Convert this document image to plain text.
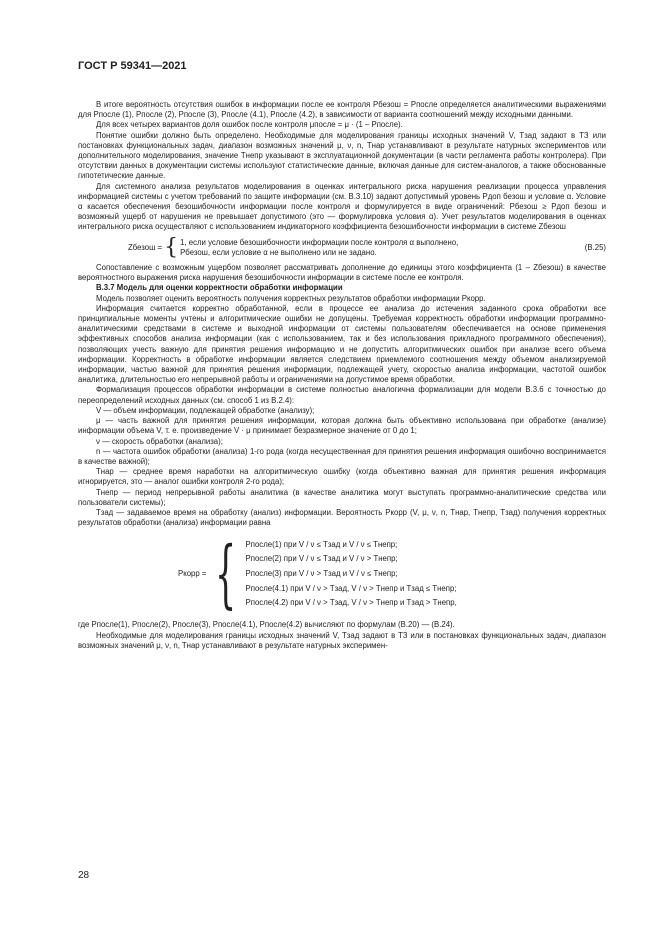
ГОСТ Р 59341—2021

В итоге вероятность отсутствия ошибок в информации после ее контроля Pбезош = Pпосле определяется аналитическими выражениями для Pпосле (1), Pпосле (2), Pпосле (3), Pпосле (4.1), Pпосле (4.2), в зависимости от варианта соотношений между исходными данными.

Для всех четырех вариантов доля ошибок после контроля μпосле = μ · (1 – Pпосле).

Понятие ошибки должно быть определено. Необходимые для моделирования границы исходных значений V, Tзад задают в ТЗ или постановках функциональных задач, диапазон возможных значений μ, ν, n, Tнар устанавливают в результате натурных экспериментов или дополнительного моделирования, значение Tнепр указывают в эксплуатационной документации (в части регламента работы контролера). При отсутствии данных в документации системы используют статистические данные, включая данные для систем-аналогов, а также обоснованные гипотетические данные.

Для системного анализа результатов моделирования в оценках интегрального риска нарушения реализации процесса управления информацией системы с учетом требований по защите информации (см. В.3.10) задают допустимый уровень Pдоп безош и условие α. Условие α касается обеспечения безошибочности информации после контроля и формулируется в виде ограничений: Pбезош ≥ Pдоп безош и возможный ущерб от нарушения не превышает допустимого (это — формулировка условия α). Учет результатов моделирования в оценках интегрального риска осуществляют с использованием индикаторного коэффициента безошибочности информации в системе Zбезош

Zбезош = { 1, если условие безошибочности информации после контроля α выполнено,
Pбезош, если условие α не выполнено или не задано.
(В.25)

Сопоставление с возможным ущербом позволяет рассматривать дополнение до единицы этого коэффициента (1 – Zбезош) в качестве вероятностного выражения риска нарушения безошибочности информации в системе после ее контроля.

В.3.7 Модель для оценки корректности обработки информации

Модель позволяет оценить вероятность получения корректных результатов обработки информации Pкорр.

Информация считается корректно обработанной, если в процессе ее анализа до истечения заданного срока обработки все принципиальные моменты учтены и алгоритмические ошибки не допущены. Требуемая корректность обработки информации программно-аналитическими средствами в системе и выходной информации от системы пользователям обеспечивается на основе применения эффективных способов анализа информации (как с использованием, так и без использования прикладного программного обеспечения), позволяющих учесть важную для принятия решения информацию и не допустить алгоритмических ошибок при анализе всего объема информации. Корректность в обработке информации является следствием приемлемого соотношения между объемом анализируемой информации, частью важной для принятия решения информации, подлежащей учету, скоростью анализа информации, частотой ошибок аналитика, длительностью его непрерывной работы и ограничениями на допустимое время обработки.

Формализация процессов обработки информации в системе полностью аналогична формализации для модели В.3.6 с точностью до переопределений исходных данных (см. способ 1 из В.2.4):

V — объем информации, подлежащей обработке (анализу);

μ — часть важной для принятия решения информации, которая должна быть объективно использована при обработке (анализе) информации объема V, т. е. произведение V · μ принимает безразмерное значение от 0 до 1;

ν — скорость обработки (анализа);

n — частота ошибок обработки (анализа) 1-го рода (когда несущественная для принятия решения информация ошибочно воспринимается в качестве важной);

Tнар — среднее время наработки на алгоритмическую ошибку (когда объективно важная для принятия решения информация игнорируется, это — аналог ошибки контроля 2-го рода);

Tнепр — период непрерывной работы аналитика (в качестве аналитика могут выступать программно-аналитические средства или пользователи системы);

Tзад — задаваемое время на обработку (анализ) информации. Вероятность Pкорр (V, μ, ν, n, Tнар, Tнепр, Tзад) получения корректных результатов обработки (анализа) информации равна

Pкорр = { Pпосле(1) при V / ν ≤ Tзад и V / ν ≤ Tнепр;
Pпосле(2) при V / ν ≤ Tзад и V / ν > Tнепр;
Pпосле(3) при V / ν > Tзад и V / ν ≤ Tнепр;
Pпосле(4.1) при V / ν > Tзад, V / ν > Tнепр и Tзад ≤ Tнепр;
Pпосле(4.2) при V / ν > Tзад, V / ν > Tнепр и Tзад > Tнепр,

где Pпосле(1), Pпосле(2), Pпосле(3), Pпосле(4.1), Pпосле(4.2) вычисляют по формулам (В.20) — (В.24).

Необходимые для моделирования границы исходных значений V, Tзад задают в ТЗ или в постановках функциональных задач, диапазон возможных значений μ, ν, n, Tнар устанавливают в результате натурных эксперимен-

28
